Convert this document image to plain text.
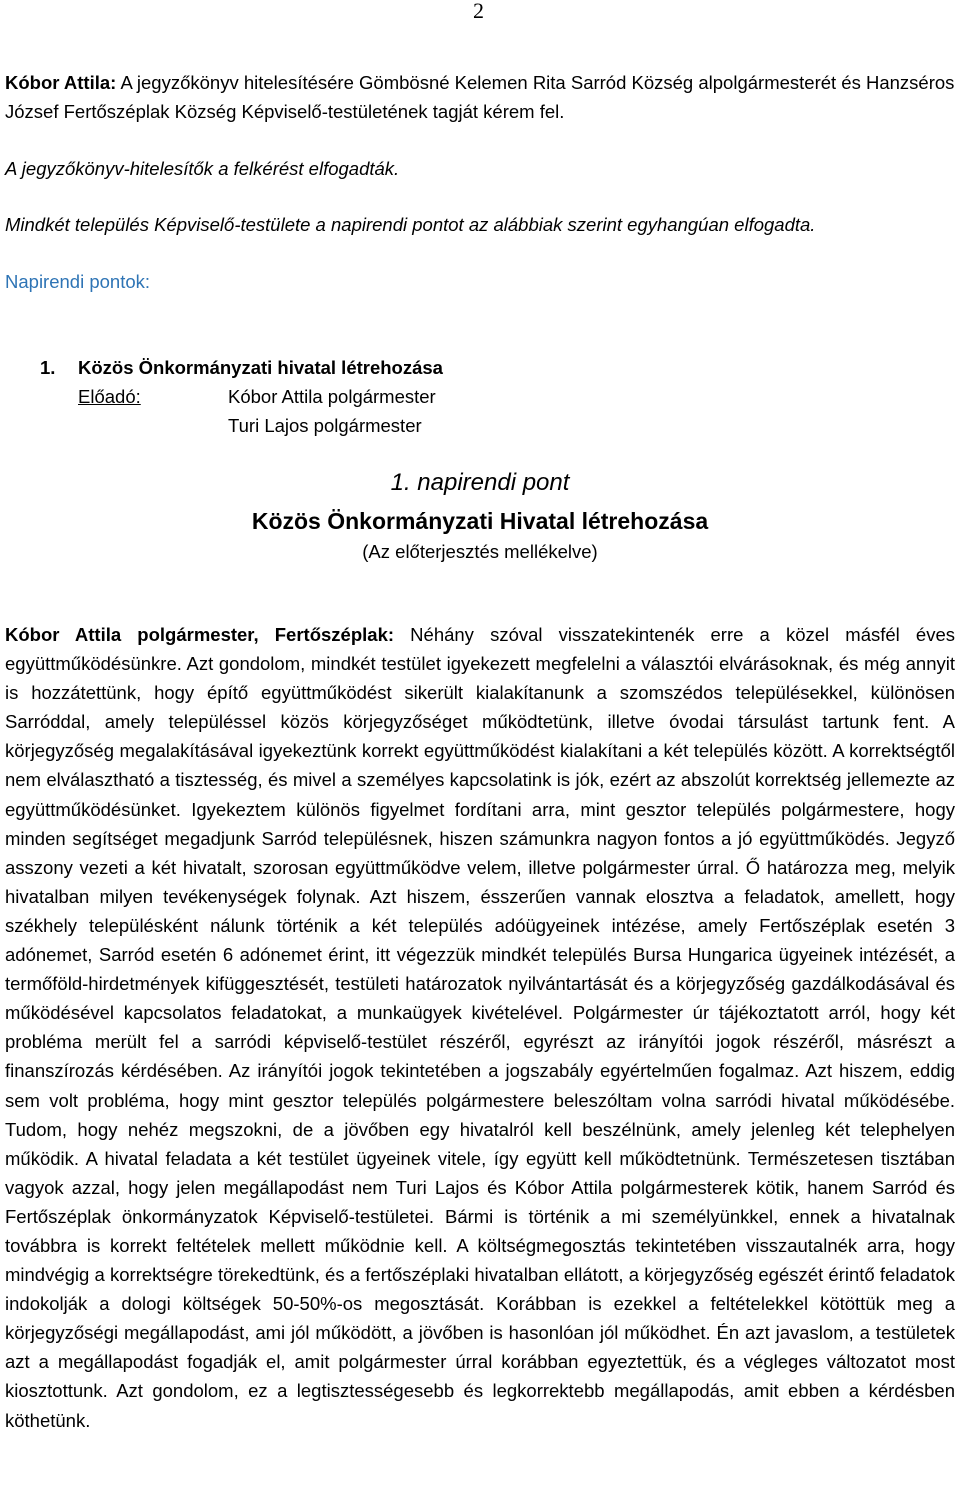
2

Kóbor Attila: A jegyzőkönyv hitelesítésére Gömbösné Kelemen Rita Sarród Község alpolgármesterét és Hanzséros József Fertőszéplak Község Képviselő-testületének tagját kérem fel.

A jegyzőkönyv-hitelesítők a felkérést elfogadták.

Mindkét település Képviselő-testülete a napirendi pontot az alábbiak szerint egyhangúan elfogadta.

Napirendi pontok:

1. Közös Önkormányzati hivatal létrehozása
Előadó:	Kóbor Attila polgármester
Turi Lajos polgármester
1. napirendi pont
Közös Önkormányzati Hivatal létrehozása
(Az előterjesztés mellékelve)

Kóbor Attila polgármester, Fertőszéplak: Néhány szóval visszatekintenék erre a közel másfél éves együttműködésünkre. Azt gondolom, mindkét testület igyekezett megfelelni a választói elvárásoknak, és még annyit is hozzátettünk, hogy építő együttműködést sikerült kialakítanunk a szomszédos településekkel, különösen Sarróddal, amely településsel közös körjegyzőséget működtetünk, illetve óvodai társulást tartunk fent. A körjegyzőség megalakításával igyekeztünk korrekt együttműködést kialakítani a két település között. A korrektségtől nem elválasztható a tisztesség, és mivel a személyes kapcsolatink is jók, ezért az abszolút korrektség jellemezte az együttműködésünket. Igyekeztem különös figyelmet fordítani arra, mint gesztor település polgármestere, hogy minden segítséget megadjunk Sarród településnek, hiszen számunkra nagyon fontos a jó együttműködés. Jegyző asszony vezeti a két hivatalt, szorosan együttműködve velem, illetve polgármester úrral. Ő határozza meg, melyik hivatalban milyen tevékenységek folynak. Azt hiszem, ésszerűen vannak elosztva a feladatok, amellett, hogy székhely településként nálunk történik a két település adóügyeinek intézése, amely Fertőszéplak esetén 3 adónemet, Sarród esetén 6 adónemet érint, itt végezzük mindkét település Bursa Hungarica ügyeinek intézését, a termőföld-hirdetmények kifüggesztését, testületi határozatok nyilvántartását és a körjegyzőség gazdálkodásával és működésével kapcsolatos feladatokat, a munkaügyek kivételével. Polgármester úr tájékoztatott arról, hogy két probléma merült fel a sarródi képviselő-testület részéről, egyrészt az irányítói jogok részéről, másrészt a finanszírozás kérdésében. Az irányítói jogok tekintetében a jogszabály egyértelműen fogalmaz. Azt hiszem, eddig sem volt probléma, hogy mint gesztor település polgármestere beleszóltam volna sarródi hivatal működésébe. Tudom, hogy nehéz megszokni, de a jövőben egy hivatalról kell beszélnünk, amely jelenleg két telephelyen működik. A hivatal feladata a két testület ügyeinek vitele, így együtt kell működtetnünk. Természetesen tisztában vagyok azzal, hogy jelen megállapodást nem Turi Lajos és Kóbor Attila polgármesterek kötik, hanem Sarród és Fertőszéplak önkormányzatok Képviselő-testületei. Bármi is történik a mi személyünkkel, ennek a hivatalnak továbbra is korrekt feltételek mellett működnie kell. A költségmegosztás tekintetében visszautalnék arra, hogy mindvégig a korrektségre törekedtünk, és a fertőszéplaki hivatalban ellátott, a körjegyzőség egészét érintő feladatok indokolják a dologi költségek 50-50%-os megosztását. Korábban is ezekkel a feltételekkel kötöttük meg a körjegyzőségi megállapodást, ami jól működött, a jövőben is hasonlóan jól működhet. Én azt javaslom, a testületek azt a megállapodást fogadják el, amit polgármester úrral korábban egyeztettük, és a végleges változatot most kiosztottunk. Azt gondolom, ez a legtisztességesebb és legkorrektebb megállapodás, amit ebben a kérdésben köthetünk.
